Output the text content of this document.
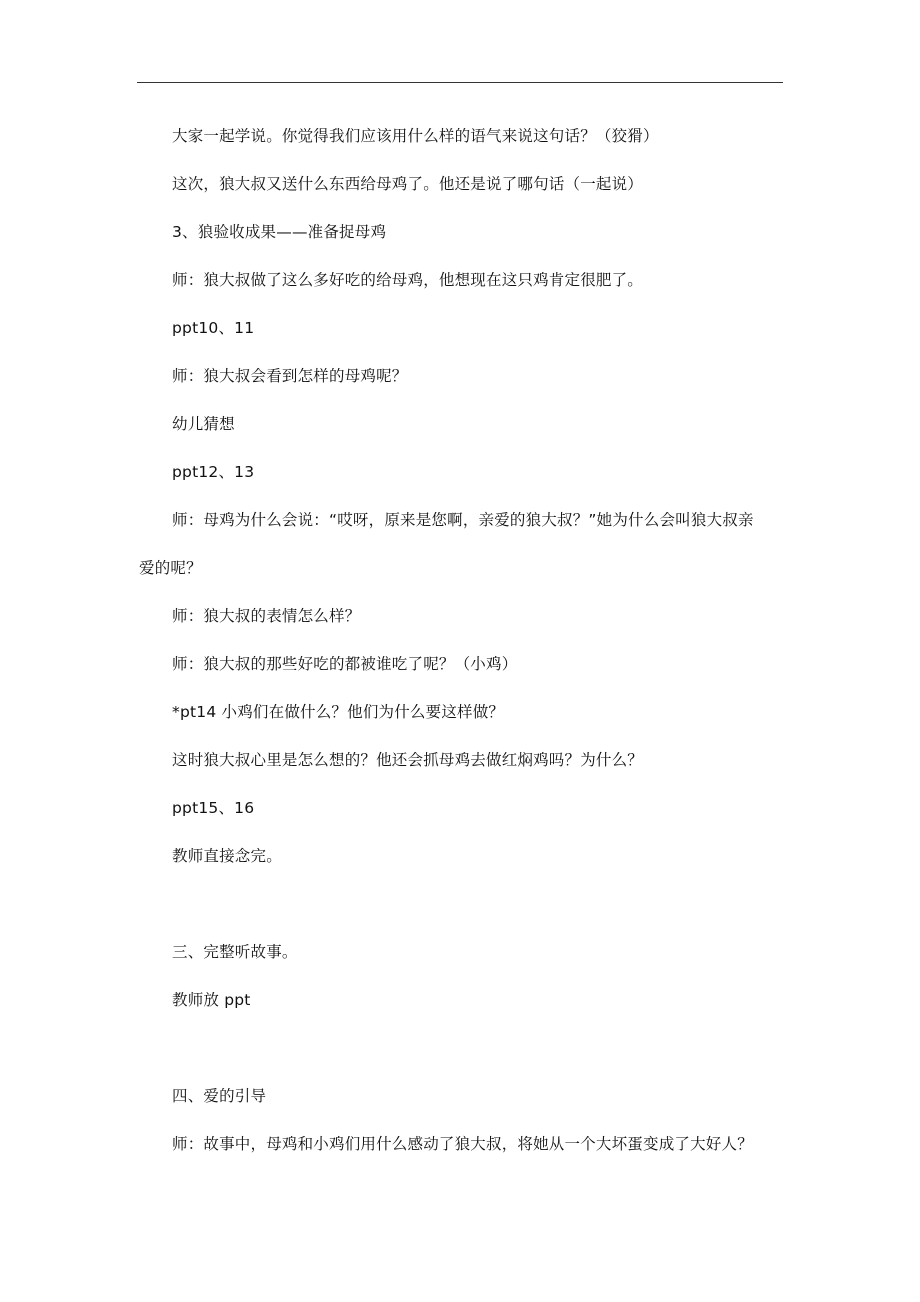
大家一起学说。你觉得我们应该用什么样的语气来说这句话？（狡猾）
这次，狼大叔又送什么东西给母鸡了。他还是说了哪句话（一起说）
3、狼验收成果——准备捉母鸡
师：狼大叔做了这么多好吃的给母鸡，他想现在这只鸡肯定很肥了。
ppt10、11
师：狼大叔会看到怎样的母鸡呢？
幼儿猜想
ppt12、13
师：母鸡为什么会说：“哎呀，原来是您啊，亲爱的狼大叔？”她为什么会叫狼大叔亲
爱的呢？
师：狼大叔的表情怎么样？
师：狼大叔的那些好吃的都被谁吃了呢？（小鸡）
*pt14 小鸡们在做什么？他们为什么要这样做？
这时狼大叔心里是怎么想的？他还会抓母鸡去做红焖鸡吗？为什么？
ppt15、16
教师直接念完。
三、完整听故事。
教师放 ppt
四、爱的引导
师：故事中，母鸡和小鸡们用什么感动了狼大叔，将她从一个大坏蛋变成了大好人？
